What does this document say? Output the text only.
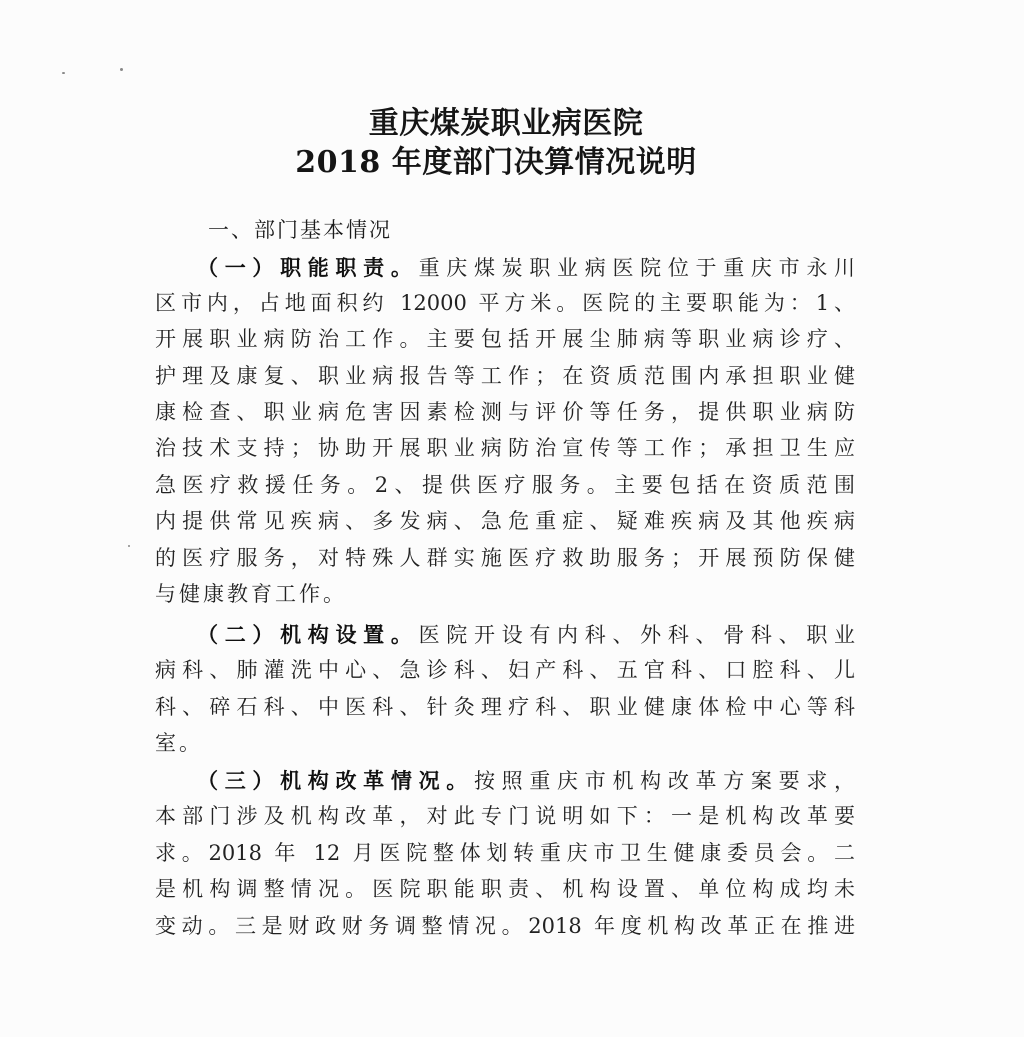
重庆煤炭职业病医院
2018 年度部门决算情况说明
一、部门基本情况
（一）职能职责。重庆煤炭职业病医院位于重庆市永川
区市内，占地面积约 12000 平方米。医院的主要职能为：1、
开展职业病防治工作。主要包括开展尘肺病等职业病诊疗、
护理及康复、职业病报告等工作；在资质范围内承担职业健
康检查、职业病危害因素检测与评价等任务，提供职业病防
治技术支持；协助开展职业病防治宣传等工作；承担卫生应
急医疗救援任务。2、提供医疗服务。主要包括在资质范围
内提供常见疾病、多发病、急危重症、疑难疾病及其他疾病
的医疗服务，对特殊人群实施医疗救助服务；开展预防保健
与健康教育工作。
（二）机构设置。医院开设有内科、外科、骨科、职业
病科、肺灌洗中心、急诊科、妇产科、五官科、口腔科、儿
科、碎石科、中医科、针灸理疗科、职业健康体检中心等科
室。
（三）机构改革情况。按照重庆市机构改革方案要求，
本部门涉及机构改革，对此专门说明如下：一是机构改革要
求。2018 年 12 月医院整体划转重庆市卫生健康委员会。二
是机构调整情况。医院职能职责、机构设置、单位构成均未
变动。三是财政财务调整情况。2018 年度机构改革正在推进
